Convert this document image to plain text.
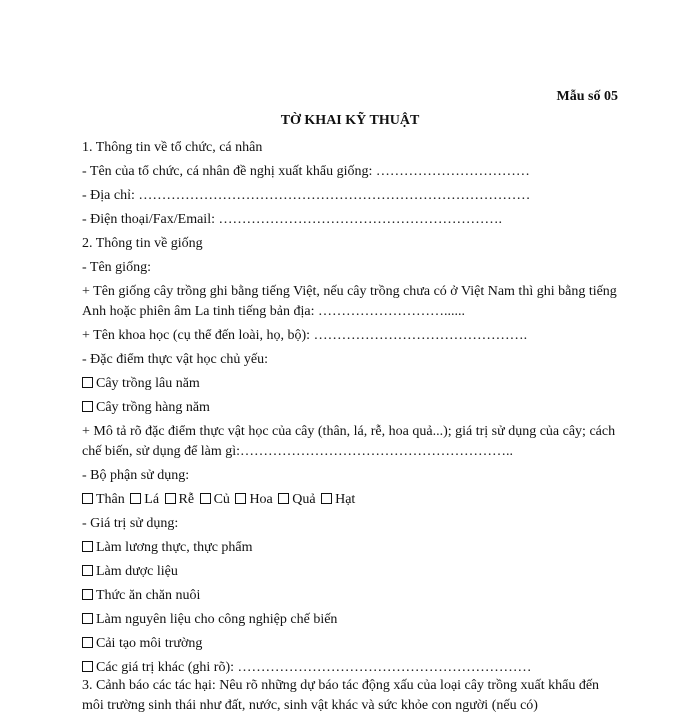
Mẫu số 05
TỜ KHAI KỸ THUẬT
1. Thông tin về tổ chức, cá nhân
- Tên của tổ chức, cá nhân đề nghị xuất khẩu giống: ……………………………
- Địa chỉ: …………………………………………………………………………
- Điện thoại/Fax/Email: …………………………………………………….
2. Thông tin về giống
- Tên giống:
+ Tên giống cây trồng ghi bằng tiếng Việt, nếu cây trồng chưa có ở Việt Nam thì ghi bằng tiếng Anh hoặc phiên âm La tinh tiếng bản địa: ………………………......
+ Tên khoa học (cụ thể đến loài, họ, bộ): ……………………………………….
- Đặc điểm thực vật học chủ yếu:
Cây trồng lâu năm
Cây trồng hàng năm
+ Mô tả rõ đặc điểm thực vật học của cây (thân, lá, rễ, hoa quả...); giá trị sử dụng của cây; cách chế biến, sử dụng để làm gì:…………………………………………………..
- Bộ phận sử dụng:
Thân Lá Rễ Củ Hoa Quả Hạt
- Giá trị sử dụng:
Làm lương thực, thực phẩm
Làm dược liệu
Thức ăn chăn nuôi
Làm nguyên liệu cho công nghiệp chế biến
Cải tạo môi trường
Các giá trị khác (ghi rõ): ………………………………………………………
3. Cảnh báo các tác hại: Nêu rõ những dự báo tác động xấu của loại cây trồng xuất khẩu đến môi trường sinh thái như đất, nước, sinh vật khác và sức khỏe con người (nếu có)
